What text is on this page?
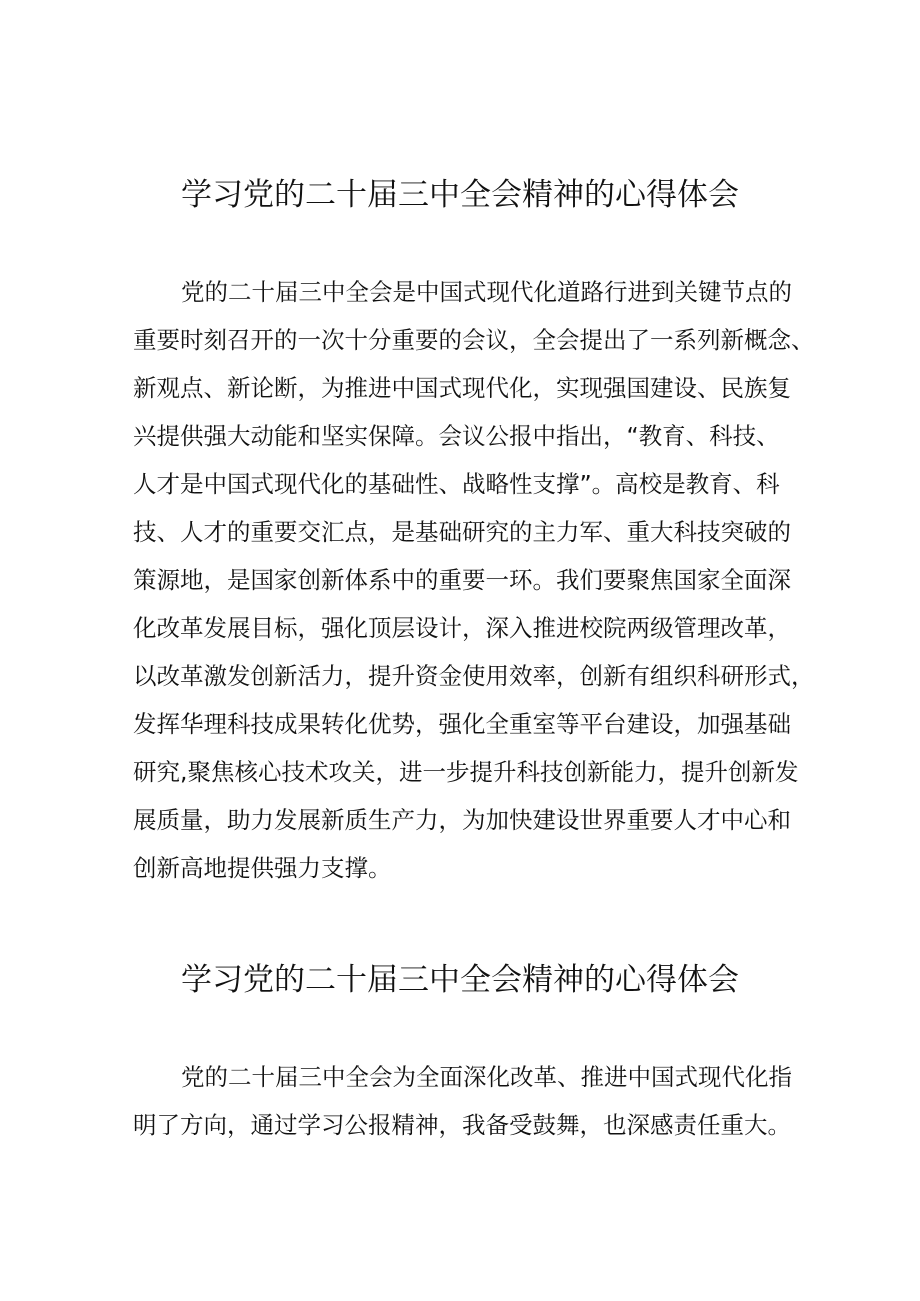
学习党的二十届三中全会精神的心得体会

党的二十届三中全会是中国式现代化道路行进到关键节点的

重要时刻召开的一次十分重要的会议，全会提出了一系列新概念、

新观点、新论断，为推进中国式现代化，实现强国建设、民族复

兴提供强大动能和坚实保障。会议公报中指出，“教育、科技、

人才是中国式现代化的基础性、战略性支撑”。高校是教育、科

技、人才的重要交汇点，是基础研究的主力军、重大科技突破的

策源地，是国家创新体系中的重要一环。我们要聚焦国家全面深

化改革发展目标，强化顶层设计，深入推进校院两级管理改革，

以改革激发创新活力，提升资金使用效率，创新有组织科研形式，

发挥华理科技成果转化优势，强化全重室等平台建设，加强基础

研究,聚焦核心技术攻关，进一步提升科技创新能力，提升创新发

展质量，助力发展新质生产力，为加快建设世界重要人才中心和

创新高地提供强力支撑。

学习党的二十届三中全会精神的心得体会

党的二十届三中全会为全面深化改革、推进中国式现代化指

明了方向，通过学习公报精神，我备受鼓舞，也深感责任重大。
